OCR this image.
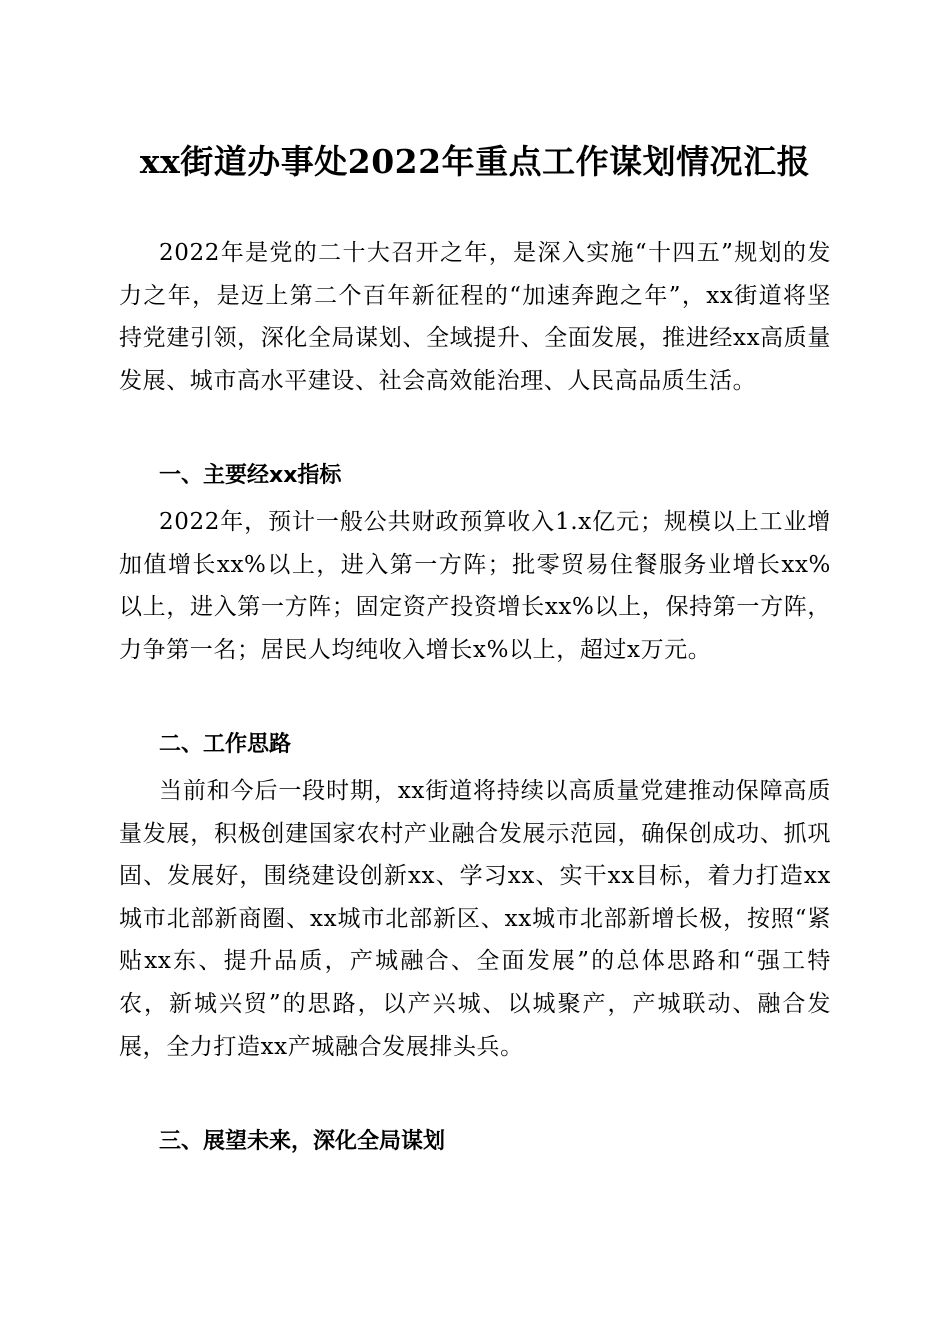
xx街道办事处2022年重点工作谋划情况汇报

2022年是党的二十大召开之年，是深入实施“十四五”规划的发力之年，是迈上第二个百年新征程的“加速奔跑之年”，xx街道将坚持党建引领，深化全局谋划、全域提升、全面发展，推进经xx高质量发展、城市高水平建设、社会高效能治理、人民高品质生活。

一、主要经xx指标

2022年，预计一般公共财政预算收入1.x亿元；规模以上工业增加值增长xx%以上，进入第一方阵；批零贸易住餐服务业增长xx%以上，进入第一方阵；固定资产投资增长xx%以上，保持第一方阵，力争第一名；居民人均纯收入增长x%以上，超过x万元。

二、工作思路

当前和今后一段时期，xx街道将持续以高质量党建推动保障高质量发展，积极创建国家农村产业融合发展示范园，确保创成功、抓巩固、发展好，围绕建设创新xx、学习xx、实干xx目标，着力打造xx城市北部新商圈、xx城市北部新区、xx城市北部新增长极，按照“紧贴xx东、提升品质，产城融合、全面发展”的总体思路和“强工特农，新城兴贸”的思路，以产兴城、以城聚产，产城联动、融合发展，全力打造xx产城融合发展排头兵。

三、展望未来，深化全局谋划
